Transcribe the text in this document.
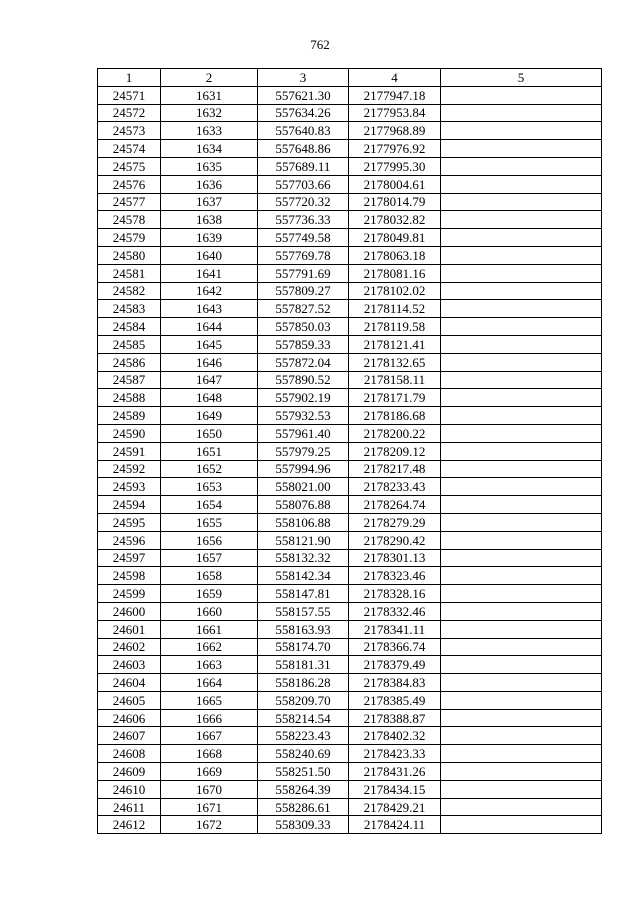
762
1	2	3	4	5
24571	1631	557621.30	2177947.18	
24572	1632	557634.26	2177953.84	
24573	1633	557640.83	2177968.89	
24574	1634	557648.86	2177976.92	
24575	1635	557689.11	2177995.30	
24576	1636	557703.66	2178004.61	
24577	1637	557720.32	2178014.79	
24578	1638	557736.33	2178032.82	
24579	1639	557749.58	2178049.81	
24580	1640	557769.78	2178063.18	
24581	1641	557791.69	2178081.16	
24582	1642	557809.27	2178102.02	
24583	1643	557827.52	2178114.52	
24584	1644	557850.03	2178119.58	
24585	1645	557859.33	2178121.41	
24586	1646	557872.04	2178132.65	
24587	1647	557890.52	2178158.11	
24588	1648	557902.19	2178171.79	
24589	1649	557932.53	2178186.68	
24590	1650	557961.40	2178200.22	
24591	1651	557979.25	2178209.12	
24592	1652	557994.96	2178217.48	
24593	1653	558021.00	2178233.43	
24594	1654	558076.88	2178264.74	
24595	1655	558106.88	2178279.29	
24596	1656	558121.90	2178290.42	
24597	1657	558132.32	2178301.13	
24598	1658	558142.34	2178323.46	
24599	1659	558147.81	2178328.16	
24600	1660	558157.55	2178332.46	
24601	1661	558163.93	2178341.11	
24602	1662	558174.70	2178366.74	
24603	1663	558181.31	2178379.49	
24604	1664	558186.28	2178384.83	
24605	1665	558209.70	2178385.49	
24606	1666	558214.54	2178388.87	
24607	1667	558223.43	2178402.32	
24608	1668	558240.69	2178423.33	
24609	1669	558251.50	2178431.26	
24610	1670	558264.39	2178434.15	
24611	1671	558286.61	2178429.21	
24612	1672	558309.33	2178424.11	
